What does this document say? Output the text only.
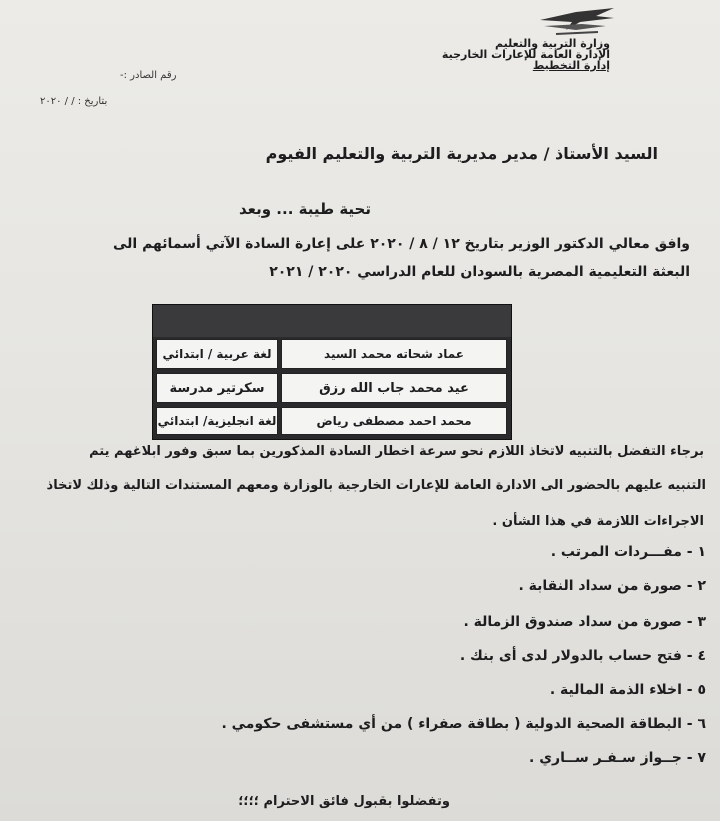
وزارة التربية والتعليم
الإدارة العامة للإعارات الخارجية
إدارة التخطيط
رقم الصادر :-
بتاريخ : / / ٢٠٢٠
السيد الأستاذ / مدير مديرية التربية والتعليم الفيوم
تحية طيبة ... وبعد
وافق معالي الدكتور الوزير بتاريخ ١٢ / ٨ / ٢٠٢٠ على إعارة السادة الآتي أسمائهم الى
البعثة التعليمية المصرية بالسودان للعام الدراسي ٢٠٢٠ / ٢٠٢١
عماد شحاته محمد السيد
لغة عربية / ابتدائي
عيد محمد جاب الله رزق
سكرتير مدرسة
محمد احمد مصطفى رياض
لغة انجليزية/ ابتدائي
برجاء التفضل بالتنبيه لاتخاذ اللازم نحو سرعة اخطار السادة المذكورين بما سبق وفور ابلاغهم يتم
التنبيه عليهم بالحضور الى الادارة العامة للإعارات الخارجية بالوزارة ومعهم المستندات التالية وذلك لاتخاذ
الاجراءات اللازمة في هذا الشأن .
١ - مفـــردات المرتب .
٢ - صورة من سداد النقابة .
٣ - صورة من سداد صندوق الزمالة .
٤ - فتح حساب بالدولار لدى أى بنك .
٥ - اخلاء الذمة المالية .
٦ - البطاقة الصحية الدولية ( بطاقة صفراء ) من أي مستشفى حكومي .
٧ - جــواز سـفـر ســاري .
وتفضلوا بقبول فائق الاحترام ؛؛؛؛
